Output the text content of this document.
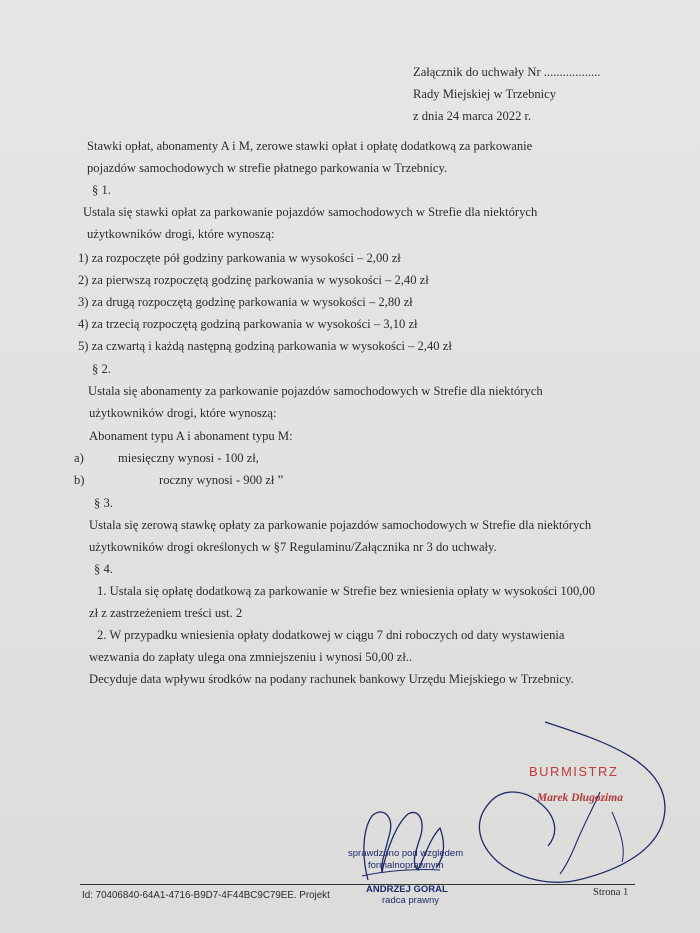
Załącznik do uchwały Nr ..................
Rady Miejskiej w Trzebnicy
z dnia 24 marca 2022 r.
Stawki opłat, abonamenty A i M, zerowe stawki opłat i opłatę dodatkową za parkowanie
pojazdów samochodowych w strefie płatnego parkowania w Trzebnicy.
§ 1.
Ustala się stawki opłat za parkowanie pojazdów samochodowych w Strefie dla niektórych
użytkowników drogi, które wynoszą:
1) za rozpoczęte pół godziny parkowania w wysokości – 2,00 zł
2) za pierwszą rozpoczętą godzinę parkowania w wysokości – 2,40 zł
3) za drugą rozpoczętą godzinę parkowania w wysokości – 2,80 zł
4) za trzecią rozpoczętą godziną parkowania w wysokości – 3,10 zł
5) za czwartą i każdą następną godziną parkowania w wysokości – 2,40 zł
§ 2.
Ustala się abonamenty za parkowanie pojazdów samochodowych w Strefie dla niektórych
użytkowników drogi, które wynoszą:
Abonament typu A i abonament typu M:
a)	miesięczny wynosi - 100 zł,
b)	roczny wynosi - 900 zł ”
§ 3.
Ustala się zerową stawkę opłaty za parkowanie pojazdów samochodowych w Strefie dla niektórych
użytkowników drogi określonych w §7 Regulaminu/Załącznika nr 3 do uchwały.
§ 4.
1. Ustala się opłatę dodatkową za parkowanie w Strefie bez wniesienia opłaty w wysokości 100,00
zł z zastrzeżeniem treści ust. 2
2. W przypadku wniesienia opłaty dodatkowej w ciągu 7 dni roboczych od daty wystawienia
wezwania do zapłaty ulega ona zmniejszeniu i wynosi 50,00 zł..
Decyduje data wpływu środków na podany rachunek bankowy Urzędu Miejskiego w Trzebnicy.
BURMISTRZ
Marek Długozima
sprawdzono pod względem
formalnoprawnym
ANDRZEJ GORAL
radca prawny
Id: 70406840-64A1-4716-B9D7-4F44BC9C79EE. Projekt	Strona 1
